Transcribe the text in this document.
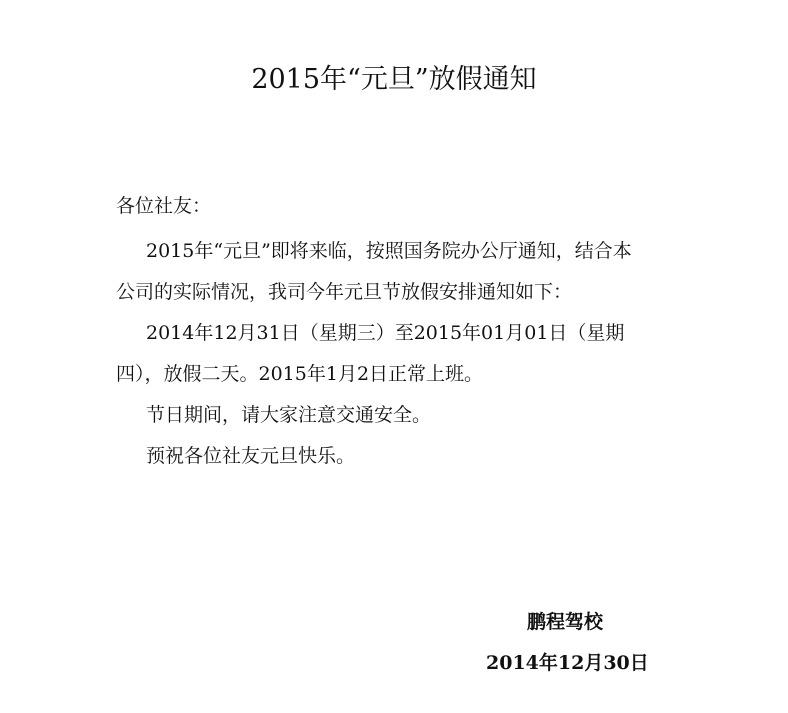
2015年“元旦”放假通知
各位社友：
2015年“元旦”即将来临，按照国务院办公厅通知，结合本
公司的实际情况，我司今年元旦节放假安排通知如下：
2014年12月31日（星期三）至2015年01月01日（星期
四），放假二天。2015年1月2日正常上班。
节日期间，请大家注意交通安全。
预祝各位社友元旦快乐。
鹏程驾校
2014年12月30日
